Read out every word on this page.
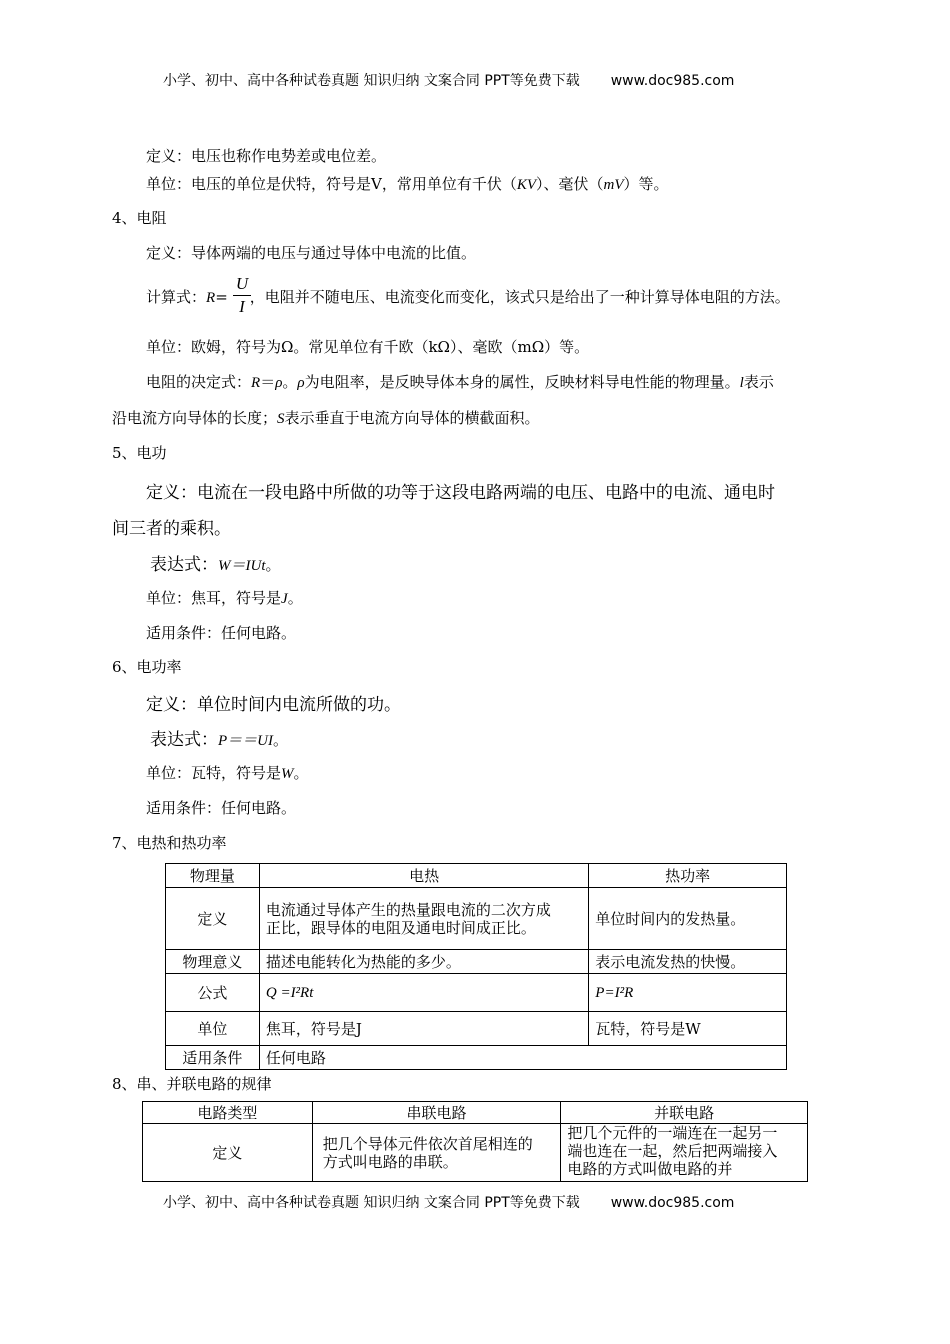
小学、初中、高中各种试卷真题 知识归纳 文案合同 PPT等免费下载 www.doc985.com
定义：电压也称作电势差或电位差。
单位：电压的单位是伏特，符号是V，常用单位有千伏（KV）、毫伏（mV）等。
4、电阻
定义：导体两端的电压与通过导体中电流的比值。
计算式：R= ，电阻并不随电压、电流变化而变化，该式只是给出了一种计算导体电阻的方法。
U
I
单位：欧姆，符号为Ω。常见单位有千欧（kΩ）、毫欧（mΩ）等。
电阻的决定式：R＝ρ。ρ为电阻率，是反映导体本身的属性，反映材料导电性能的物理量。l表示
沿电流方向导体的长度；S表示垂直于电流方向导体的横截面积。
5、电功
定义：电流在一段电路中所做的功等于这段电路两端的电压、电路中的电流、通电时
间三者的乘积。
表达式：W＝IUt。
单位：焦耳，符号是J。
适用条件：任何电路。
6、电功率
定义：单位时间内电流所做的功。
表达式：P＝＝UI。
单位：瓦特，符号是W。
适用条件：任何电路。
7、电热和热功率
物理量	电热	热功率
定义	电流通过导体产生的热量跟电流的二次方成正比，跟导体的电阻及通电时间成正比。	单位时间内的发热量。
物理意义	描述电能转化为热能的多少。	表示电流发热的快慢。
公式	Q =I²Rt	P=I²R
单位	焦耳，符号是J	瓦特，符号是W
适用条件	任何电路	
8、串、并联电路的规律
电路类型	串联电路	并联电路
定义	把几个导体元件依次首尾相连的方式叫电路的串联。	把几个元件的一端连在一起另一端也连在一起，然后把两端接入电路的方式叫做电路的并
小学、初中、高中各种试卷真题 知识归纳 文案合同 PPT等免费下载 www.doc985.com
